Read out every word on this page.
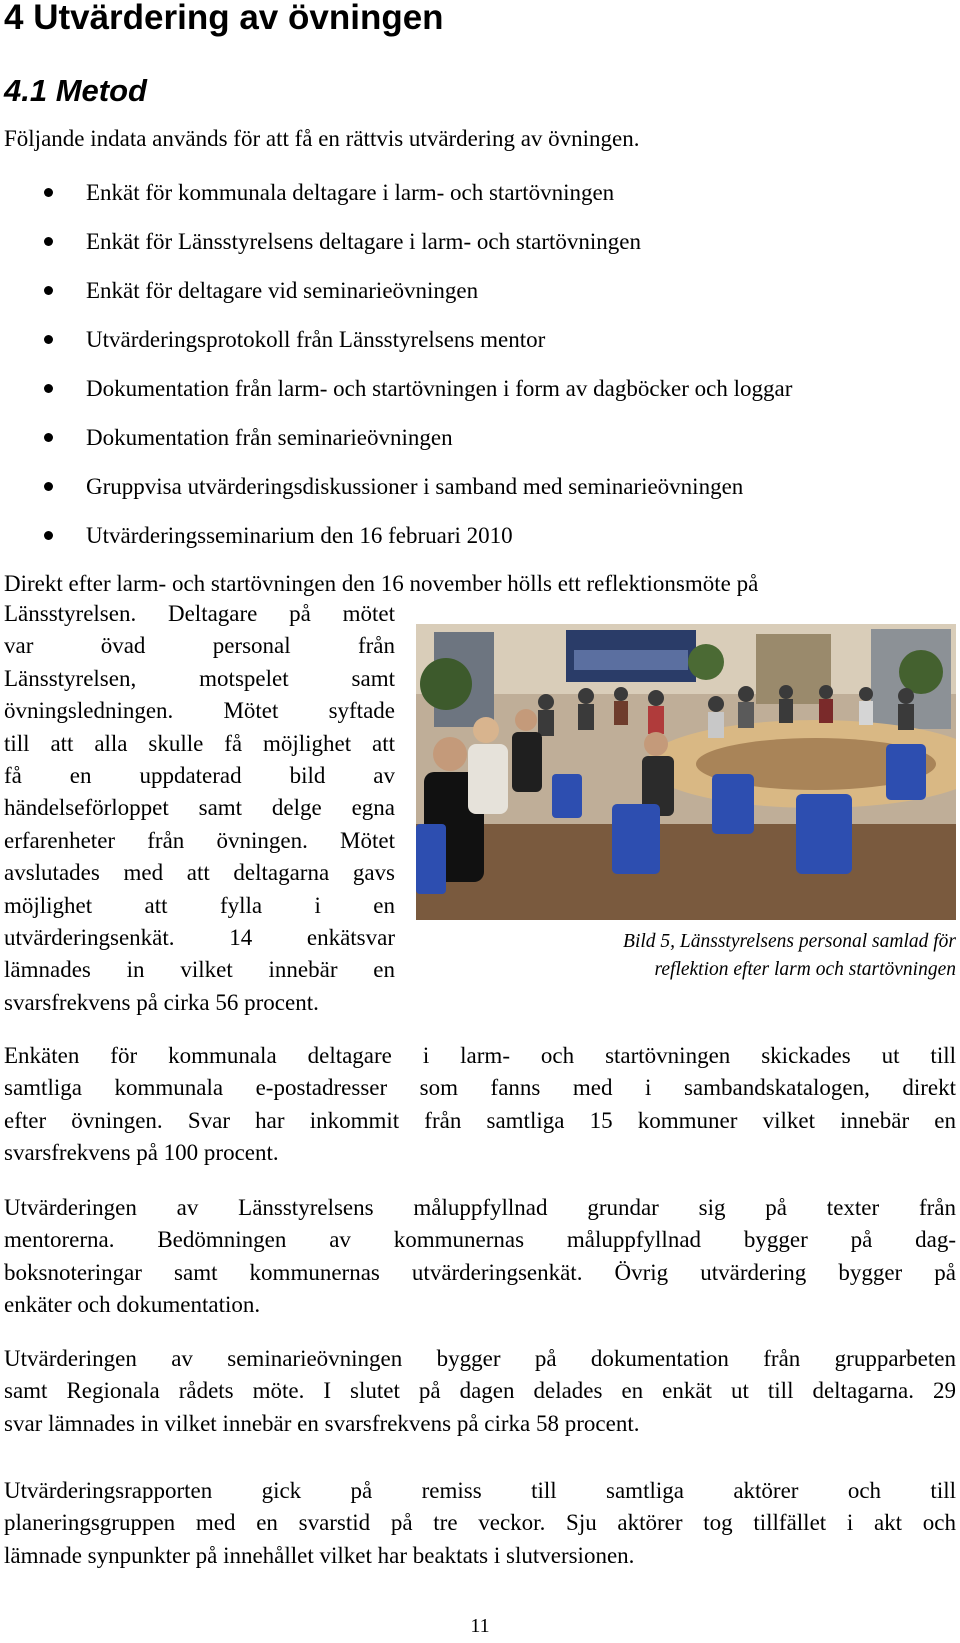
4 Utvärdering av övningen
4.1 Metod

Följande indata används för att få en rättvis utvärdering av övningen.

Enkät för kommunala deltagare i larm- och startövningen
Enkät för Länsstyrelsens deltagare i larm- och startövningen
Enkät för deltagare vid seminarieövningen
Utvärderingsprotokoll från Länsstyrelsens mentor
Dokumentation från larm- och startövningen i form av dagböcker och loggar
Dokumentation från seminarieövningen
Gruppvisa utvärderingsdiskussioner i samband med seminarieövningen
Utvärderingsseminarium den 16 februari 2010

Direkt efter larm- och startövningen den 16 november hölls ett reflektionsmöte på

Länsstyrelsen. Deltagare på mötet
var övad personal från
Länsstyrelsen, motspelet samt
övningsledningen. Mötet syftade
till att alla skulle få möjlighet att
få en uppdaterad bild av
händelseförloppet samt delge egna
erfarenheter från övningen. Mötet
avslutades med att deltagarna gavs
möjlighet att fylla i en
utvärderingsenkät. 14 enkätsvar
lämnades in vilket innebär en
svarsfrekvens på cirka 56 procent.

Bild 5, Länsstyrelsens personal samlad för
reflektion efter larm och startövningen

Enkäten för kommunala deltagare i larm- och startövningen skickades ut till
samtliga kommunala e-postadresser som fanns med i sambandskatalogen, direkt
efter övningen. Svar har inkommit från samtliga 15 kommuner vilket innebär en
svarsfrekvens på 100 procent.

Utvärderingen av Länsstyrelsens måluppfyllnad grundar sig på texter från
mentorerna. Bedömningen av kommunernas måluppfyllnad bygger på dag-
boksnoteringar samt kommunernas utvärderingsenkät. Övrig utvärdering bygger på
enkäter och dokumentation.

Utvärderingen av seminarieövningen bygger på dokumentation från grupparbeten
samt Regionala rådets möte. I slutet på dagen delades en enkät ut till deltagarna. 29
svar lämnades in vilket innebär en svarsfrekvens på cirka 58 procent.

Utvärderingsrapporten gick på remiss till samtliga aktörer och till
planeringsgruppen med en svarstid på tre veckor. Sju aktörer tog tillfället i akt och
lämnade synpunkter på innehållet vilket har beaktats i slutversionen.

11
